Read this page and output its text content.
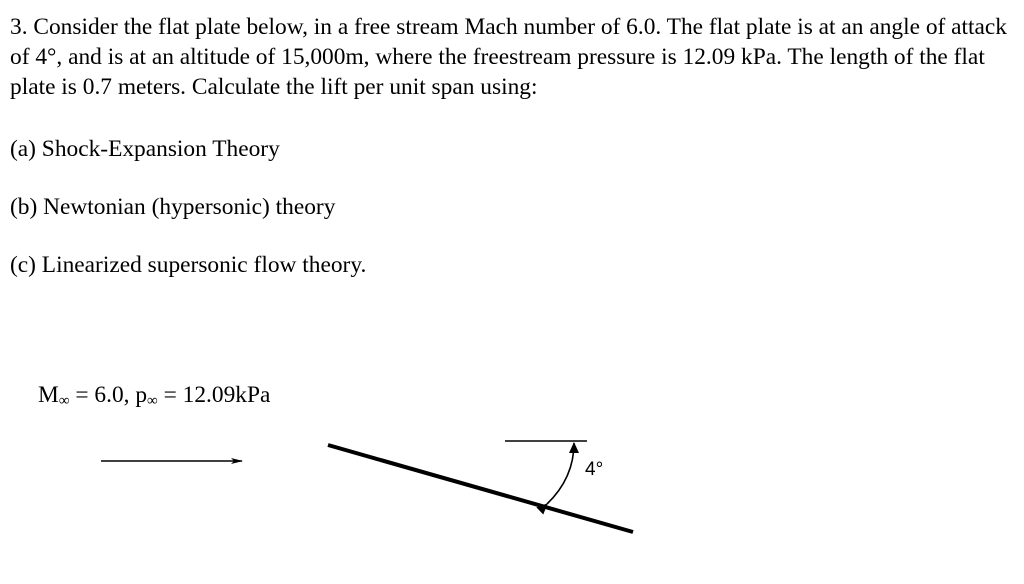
3. Consider the flat plate below, in a free stream Mach number of 6.0. The flat plate is at an angle of attack of 4°, and is at an altitude of 15,000m, where the freestream pressure is 12.09 kPa. The length of the flat plate is 0.7 meters. Calculate the lift per unit span using:

(a) Shock-Expansion Theory

(b) Newtonian (hypersonic) theory

(c) Linearized supersonic flow theory.

$M_\infty = 6.0$, $p_\infty = 12.09kPa$
4°
